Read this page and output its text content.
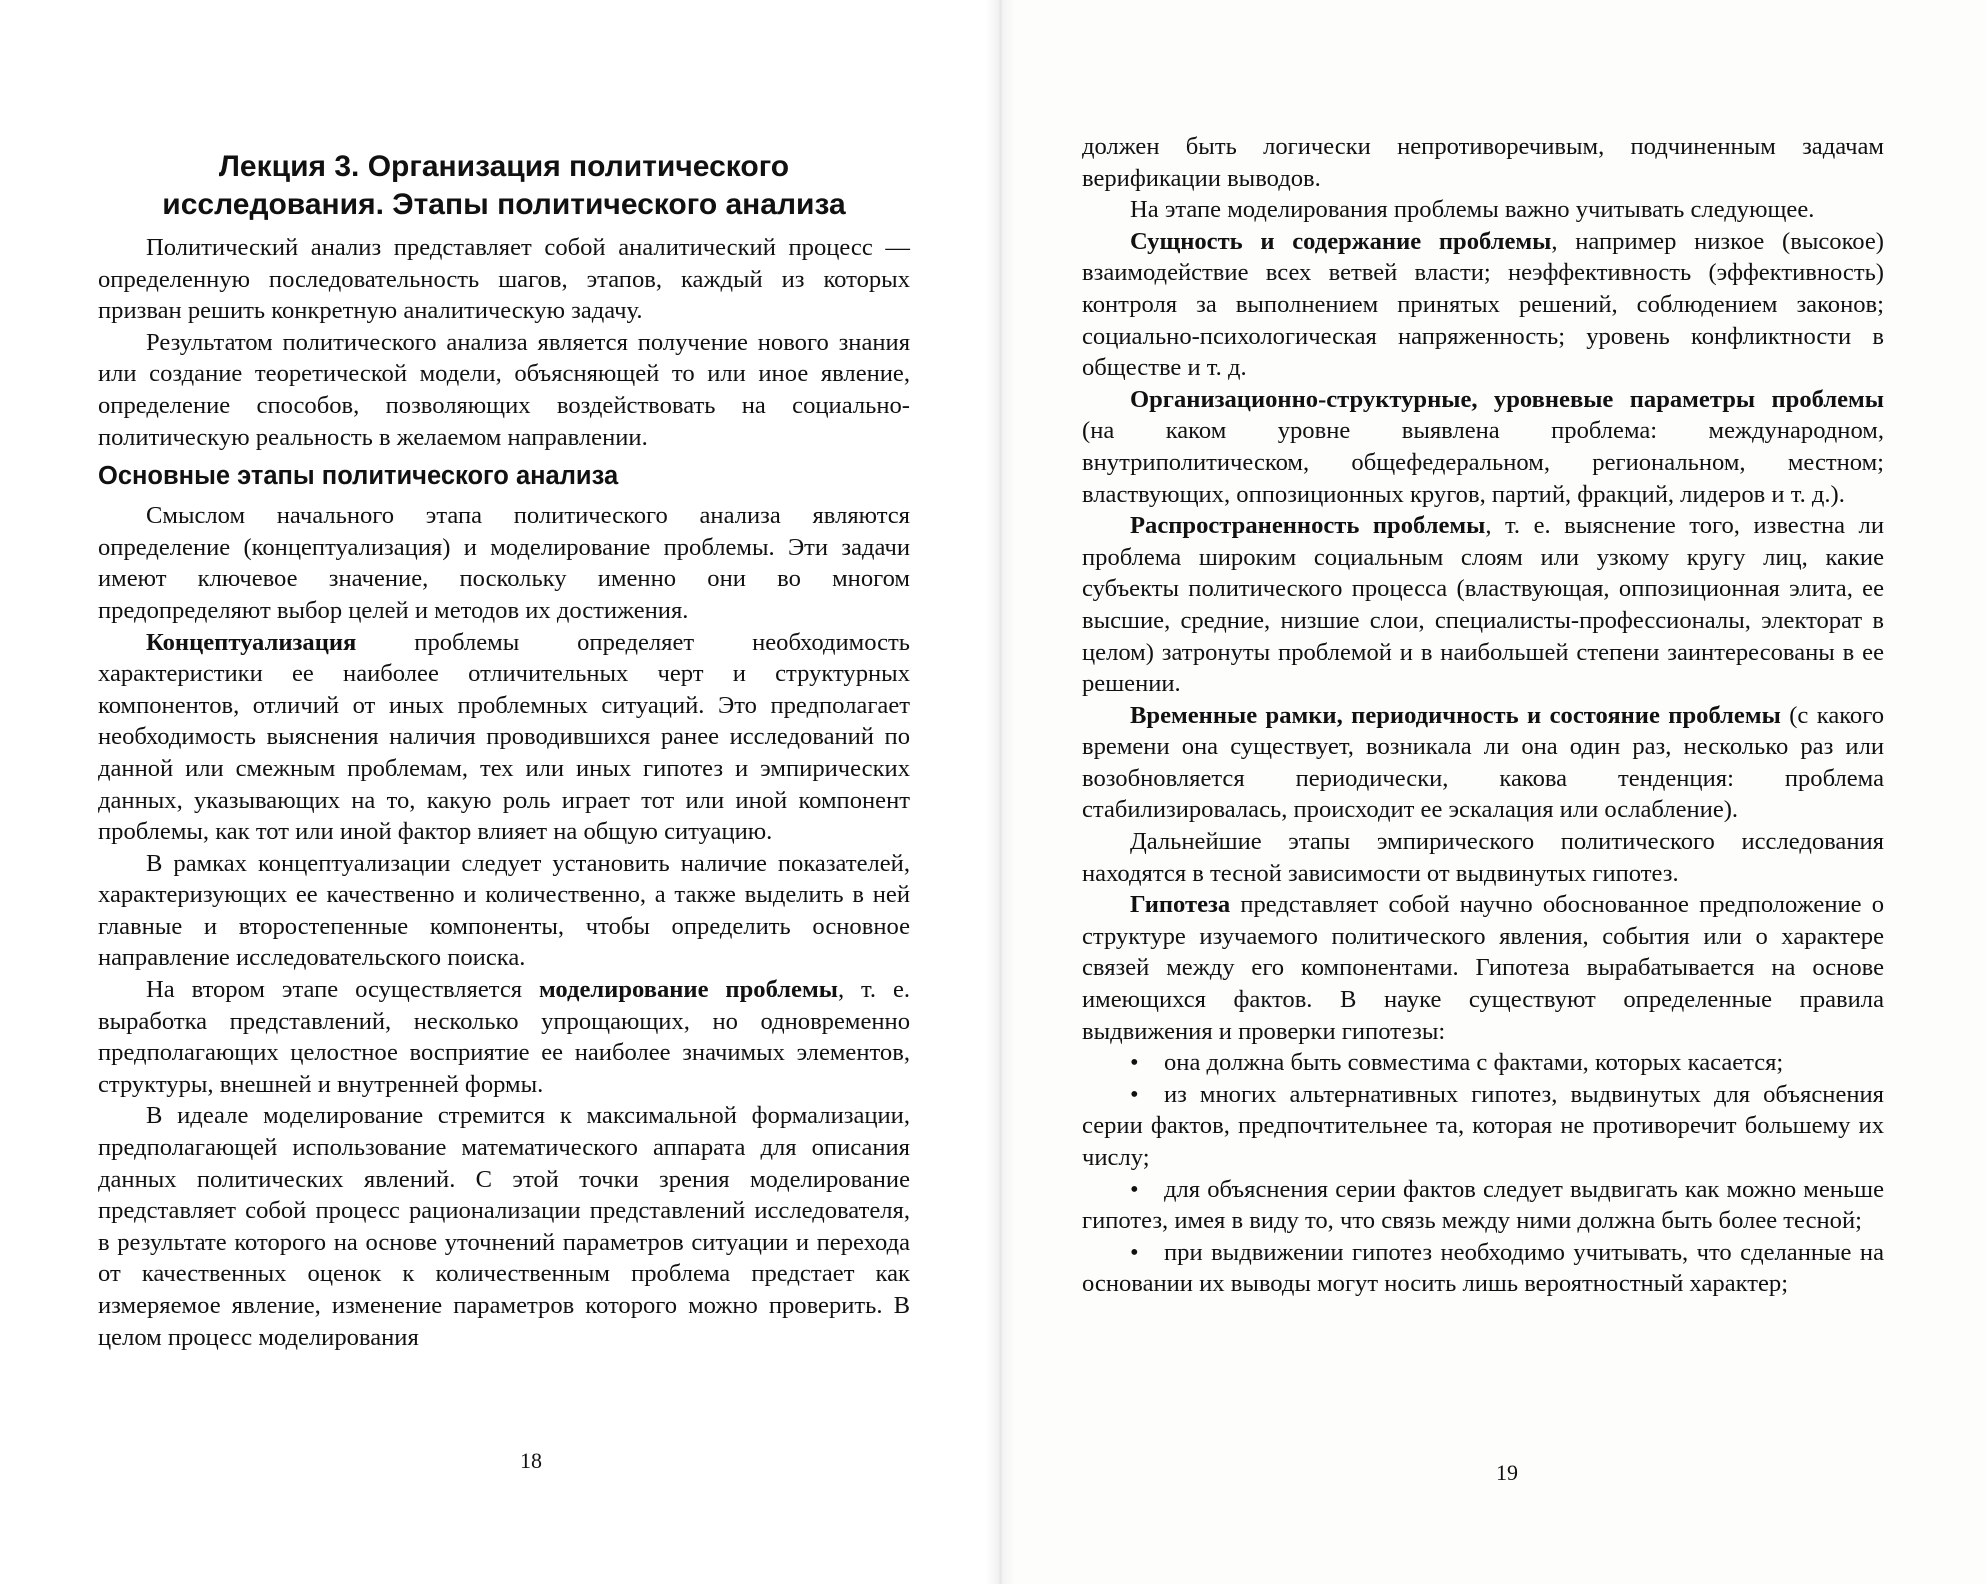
Лекция 3. Организация политического
исследования. Этапы политического анализа

Политический анализ представляет собой аналитический процесс — определенную последовательность шагов, этапов, каждый из которых призван решить конкретную аналитическую задачу.

Результатом политического анализа является получение нового знания или создание теоретической модели, объясняющей то или иное явление, определение способов, позволяющих воздействовать на социально-политическую реальность в желаемом направлении.

Основные этапы политического анализа

Смыслом начального этапа политического анализа являются определение (концептуализация) и моделирование проблемы. Эти задачи имеют ключевое значение, поскольку именно они во многом предопределяют выбор целей и методов их достижения.

Концептуализация проблемы определяет необходимость характеристики ее наиболее отличительных черт и структурных компонентов, отличий от иных проблемных ситуаций. Это предполагает необходимость выяснения наличия проводившихся ранее исследований по данной или смежным проблемам, тех или иных гипотез и эмпирических данных, указывающих на то, какую роль играет тот или иной компонент проблемы, как тот или иной фактор влияет на общую ситуацию.

В рамках концептуализации следует установить наличие показателей, характеризующих ее качественно и количественно, а также выделить в ней главные и второстепенные компоненты, чтобы определить основное направление исследовательского поиска.

На втором этапе осуществляется моделирование проблемы, т. е. выработка представлений, несколько упрощающих, но одновременно предполагающих целостное восприятие ее наиболее значимых элементов, структуры, внешней и внутренней формы.

В идеале моделирование стремится к максимальной формализации, предполагающей использование математического аппарата для описания данных политических явлений. С этой точки зрения моделирование представляет собой процесс рационализации представлений исследователя, в результате которого на основе уточнений параметров ситуации и перехода от качественных оценок к количественным проблема предстает как измеряемое явление, изменение параметров которого можно проверить. В целом процесс моделирования

18

должен быть логически непротиворечивым, подчиненным задачам верификации выводов.

На этапе моделирования проблемы важно учитывать следующее.

Сущность и содержание проблемы, например низкое (высокое) взаимодействие всех ветвей власти; неэффективность (эффективность) контроля за выполнением принятых решений, соблюдением законов; социально-психологическая напряженность; уровень конфликтности в обществе и т. д.

Организационно-структурные, уровневые параметры проблемы (на каком уровне выявлена проблема: международном, внутриполитическом, общефедеральном, региональном, местном; властвующих, оппозиционных кругов, партий, фракций, лидеров и т. д.).

Распространенность проблемы, т. е. выяснение того, известна ли проблема широким социальным слоям или узкому кругу лиц, какие субъекты политического процесса (властвующая, оппозиционная элита, ее высшие, средние, низшие слои, специалисты-профессионалы, электорат в целом) затронуты проблемой и в наибольшей степени заинтересованы в ее решении.

Временные рамки, периодичность и состояние проблемы (с какого времени она существует, возникала ли она один раз, несколько раз или возобновляется периодически, какова тенденция: проблема стабилизировалась, происходит ее эскалация или ослабление).

Дальнейшие этапы эмпирического политического исследования находятся в тесной зависимости от выдвинутых гипотез.

Гипотеза представляет собой научно обоснованное предположение о структуре изучаемого политического явления, события или о характере связей между его компонентами. Гипотеза вырабатывается на основе имеющихся фактов. В науке существуют определенные правила выдвижения и проверки гипотезы:

• она должна быть совместима с фактами, которых касается;

• из многих альтернативных гипотез, выдвинутых для объяснения серии фактов, предпочтительнее та, которая не противоречит большему их числу;

• для объяснения серии фактов следует выдвигать как можно меньше гипотез, имея в виду то, что связь между ними должна быть более тесной;

• при выдвижении гипотез необходимо учитывать, что сделанные на основании их выводы могут носить лишь вероятностный характер;

19
